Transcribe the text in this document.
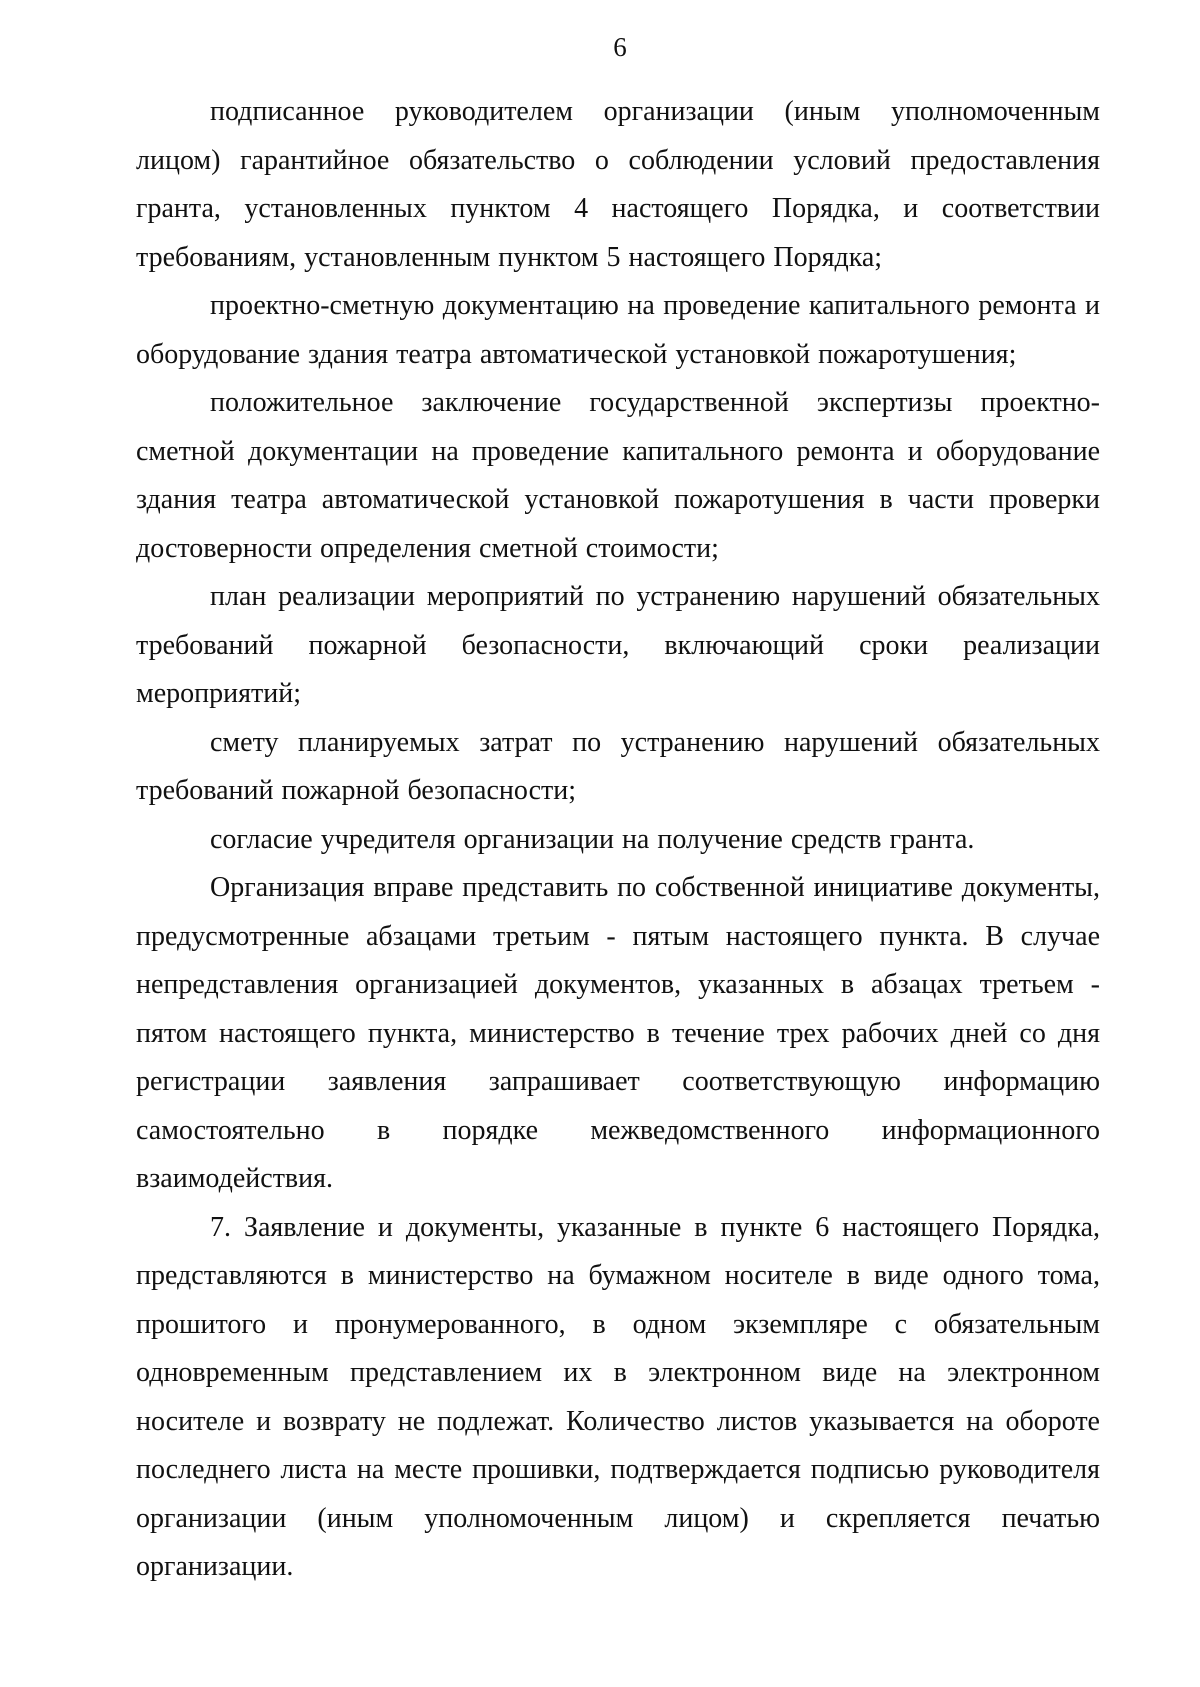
6

подписанное руководителем организации (иным уполномоченным лицом) гарантийное обязательство о соблюдении условий предоставления гранта, установленных пунктом 4 настоящего Порядка, и соответствии требованиям, установленным пунктом 5 настоящего Порядка;

проектно-сметную документацию на проведение капитального ремонта и оборудование здания театра автоматической установкой пожаротушения;

положительное заключение государственной экспертизы проектно-сметной документации на проведение капитального ремонта и оборудование здания театра автоматической установкой пожаротушения в части проверки достоверности определения сметной стоимости;

план реализации мероприятий по устранению нарушений обязательных требований пожарной безопасности, включающий сроки реализации мероприятий;

смету планируемых затрат по устранению нарушений обязательных требований пожарной безопасности;

согласие учредителя организации на получение средств гранта.

Организация вправе представить по собственной инициативе документы, предусмотренные абзацами третьим - пятым настоящего пункта. В случае непредставления организацией документов, указанных в абзацах третьем - пятом настоящего пункта, министерство в течение трех рабочих дней со дня регистрации заявления запрашивает соответствующую информацию самостоятельно в порядке межведомственного информационного взаимодействия.

7. Заявление и документы, указанные в пункте 6 настоящего Порядка, представляются в министерство на бумажном носителе в виде одного тома, прошитого и пронумерованного, в одном экземпляре с обязательным одновременным представлением их в электронном виде на электронном носителе и возврату не подлежат. Количество листов указывается на обороте последнего листа на месте прошивки, подтверждается подписью руководителя организации (иным уполномоченным лицом) и скрепляется печатью организации.
